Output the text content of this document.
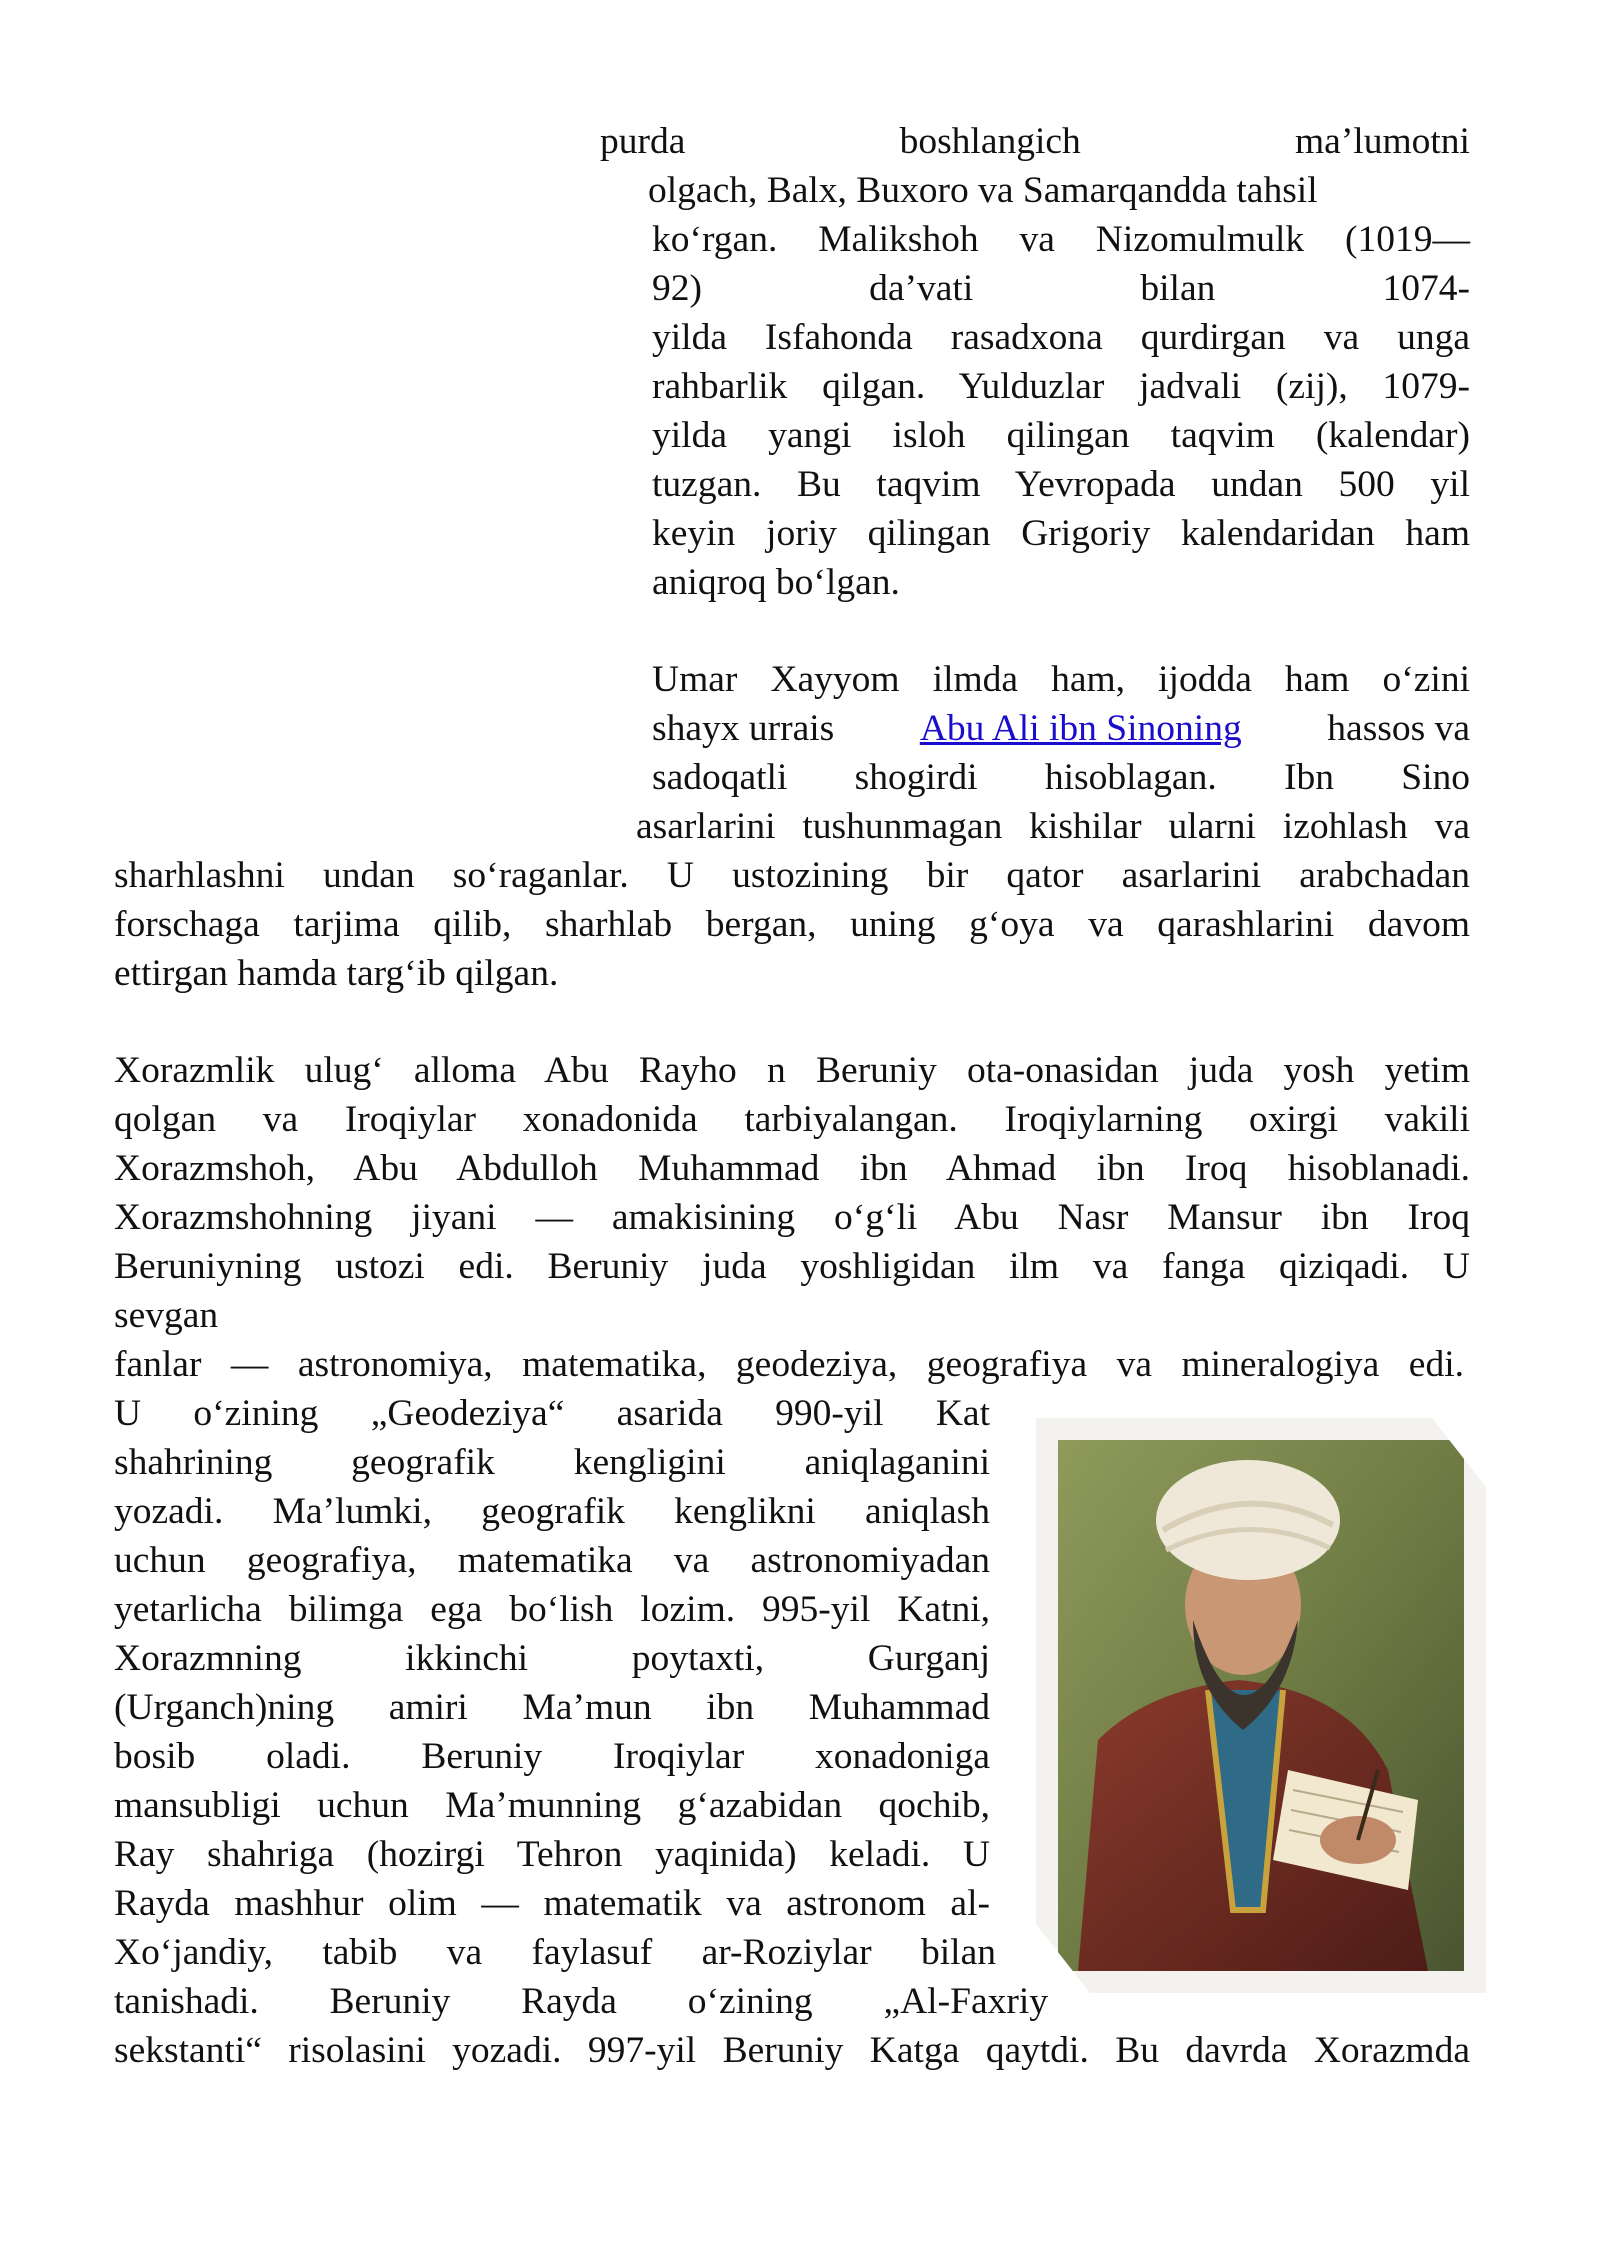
purda	boshlangich	ma’lumotni
olgach, Balx, Buxoro va Samarqandda tahsil
ko‘rgan. Malikshoh va Nizomulmulk (1019—
92)	da’vati	bilan	1074-
yilda Isfahonda rasadxona qurdirgan va unga
rahbarlik qilgan. Yulduzlar jadvali (zij), 1079-
yilda yangi isloh qilingan taqvim (kalendar)
tuzgan. Bu taqvim Yevropada undan 500 yil
keyin joriy qilingan Grigoriy kalendaridan ham
aniqroq bo‘lgan.
Umar Xayyom ilmda ham, ijodda ham o‘zini
shayx urrais Abu Ali ibn Sinoning hassos va
sadoqatli shogirdi hisoblagan. Ibn Sino
asarlarini tushunmagan kishilar ularni izohlash va
sharhlashni undan so‘raganlar. U ustozining bir qator asarlarini arabchadan
forschaga tarjima qilib, sharhlab bergan, uning g‘oya va qarashlarini davom
ettirgan hamda targ‘ib qilgan.
Xorazmlik ulug‘ alloma Abu Rayho n Beruniy ota-onasidan juda yosh yetim
qolgan va Iroqiylar xonadonida tarbiyalangan. Iroqiylarning oxirgi vakili
Xorazmshoh, Abu Abdulloh Muhammad ibn Ahmad ibn Iroq hisoblanadi.
Xorazmshohning jiyani — amakisining o‘g‘li Abu Nasr Mansur ibn Iroq
Beruniyning ustozi edi. Beruniy juda yoshligidan ilm va fanga qiziqadi. U
sevgan
fanlar — astronomiya, matematika, geodeziya, geografiya va mineralogiya edi.
U o‘zining „Geodeziya“ asarida 990-yil Kat
shahrining geografik kengligini aniqlaganini
yozadi. Ma’lumki, geografik kenglikni aniqlash
uchun geografiya, matematika va astronomiyadan
yetarlicha bilimga ega bo‘lish lozim. 995-yil Katni,
Xorazmning ikkinchi poytaxti, Gurganj
(Urganch)ning amiri Ma’mun ibn Muhammad
bosib oladi. Beruniy Iroqiylar xonadoniga
mansubligi uchun Ma’munning g‘azabidan qochib,
Ray shahriga (hozirgi Tehron yaqinida) keladi. U
Rayda mashhur olim — matematik va astronom al-
Xo‘jandiy, tabib va faylasuf ar-Roziylar bilan
tanishadi. Beruniy Rayda o‘zining „Al-Faxriy
sekstanti“ risolasini yozadi. 997-yil Beruniy Katga qaytdi. Bu davrda Xorazmda
